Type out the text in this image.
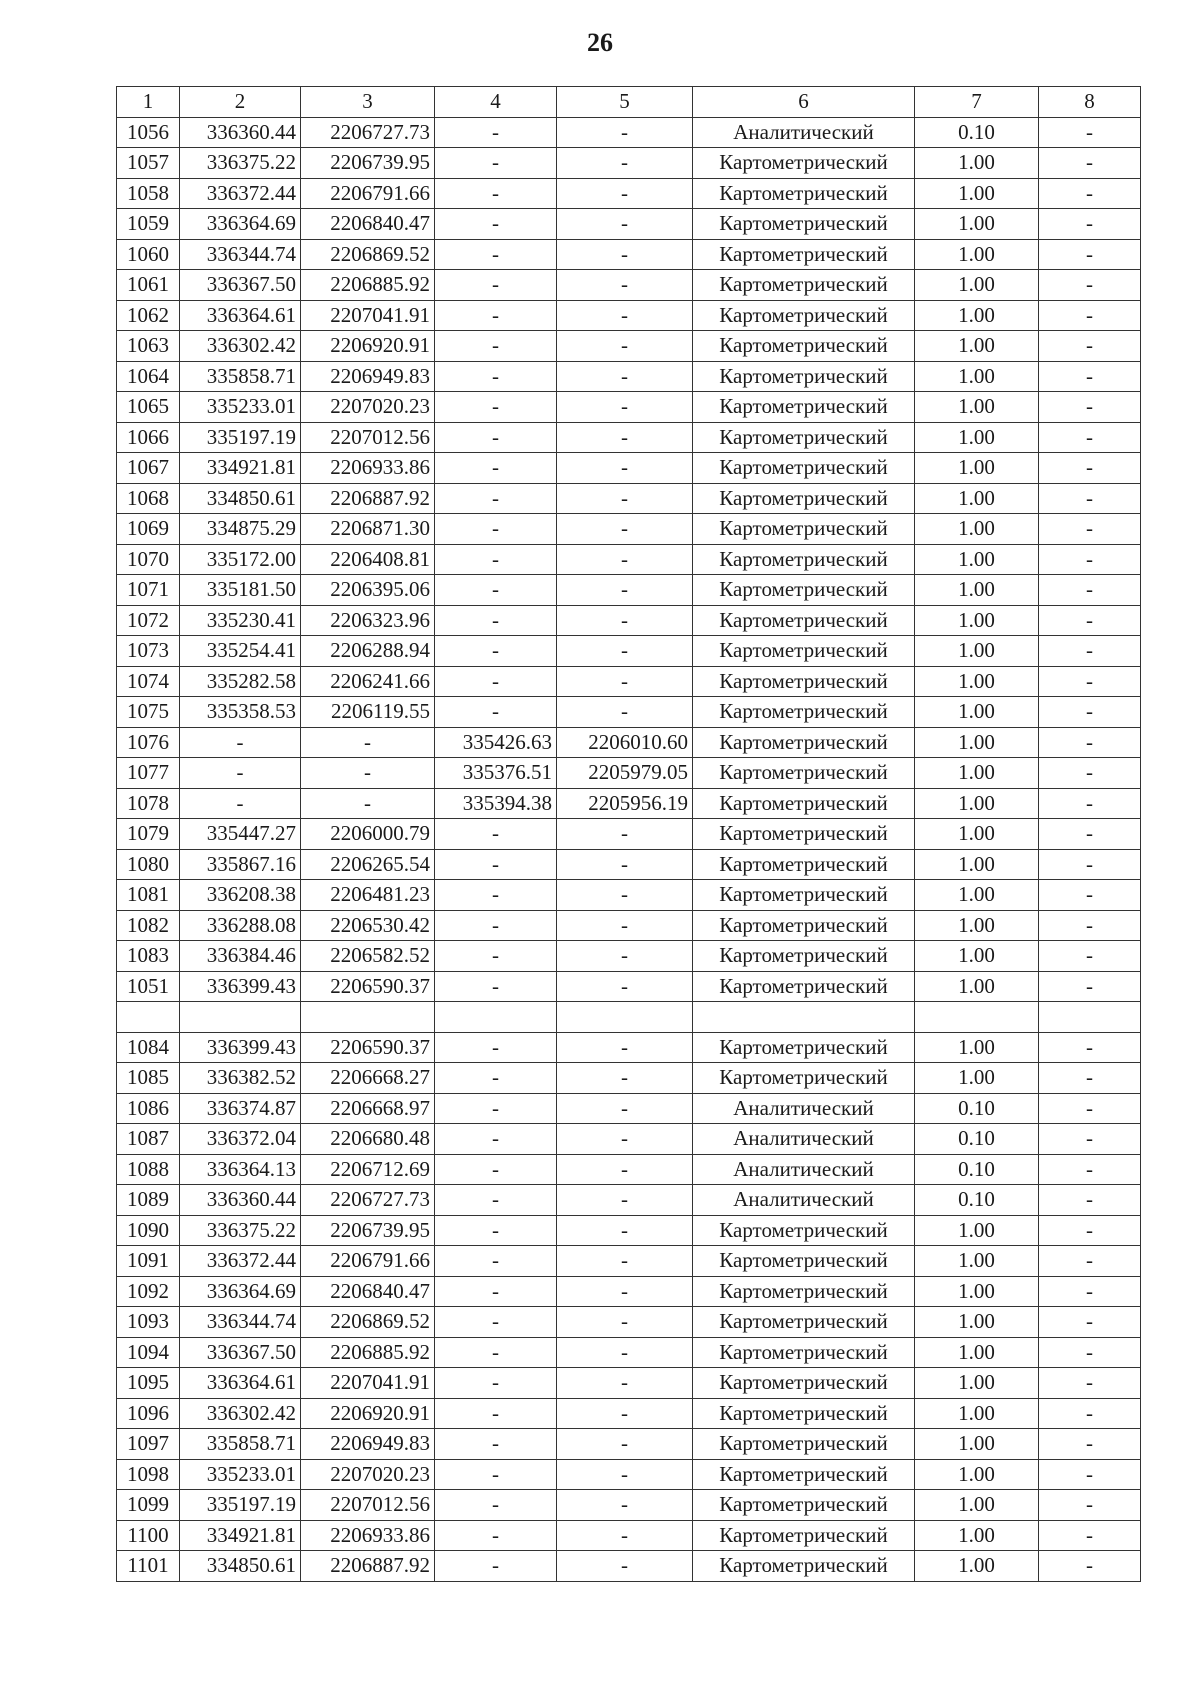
26
1	2	3	4	5	6	7	8
1056	336360.44	2206727.73	-	-	Аналитический	0.10	-
1057	336375.22	2206739.95	-	-	Картометрический	1.00	-
1058	336372.44	2206791.66	-	-	Картометрический	1.00	-
1059	336364.69	2206840.47	-	-	Картометрический	1.00	-
1060	336344.74	2206869.52	-	-	Картометрический	1.00	-
1061	336367.50	2206885.92	-	-	Картометрический	1.00	-
1062	336364.61	2207041.91	-	-	Картометрический	1.00	-
1063	336302.42	2206920.91	-	-	Картометрический	1.00	-
1064	335858.71	2206949.83	-	-	Картометрический	1.00	-
1065	335233.01	2207020.23	-	-	Картометрический	1.00	-
1066	335197.19	2207012.56	-	-	Картометрический	1.00	-
1067	334921.81	2206933.86	-	-	Картометрический	1.00	-
1068	334850.61	2206887.92	-	-	Картометрический	1.00	-
1069	334875.29	2206871.30	-	-	Картометрический	1.00	-
1070	335172.00	2206408.81	-	-	Картометрический	1.00	-
1071	335181.50	2206395.06	-	-	Картометрический	1.00	-
1072	335230.41	2206323.96	-	-	Картометрический	1.00	-
1073	335254.41	2206288.94	-	-	Картометрический	1.00	-
1074	335282.58	2206241.66	-	-	Картометрический	1.00	-
1075	335358.53	2206119.55	-	-	Картометрический	1.00	-
1076	-	-	335426.63	2206010.60	Картометрический	1.00	-
1077	-	-	335376.51	2205979.05	Картометрический	1.00	-
1078	-	-	335394.38	2205956.19	Картометрический	1.00	-
1079	335447.27	2206000.79	-	-	Картометрический	1.00	-
1080	335867.16	2206265.54	-	-	Картометрический	1.00	-
1081	336208.38	2206481.23	-	-	Картометрический	1.00	-
1082	336288.08	2206530.42	-	-	Картометрический	1.00	-
1083	336384.46	2206582.52	-	-	Картометрический	1.00	-
1051	336399.43	2206590.37	-	-	Картометрический	1.00	-

1084	336399.43	2206590.37	-	-	Картометрический	1.00	-
1085	336382.52	2206668.27	-	-	Картометрический	1.00	-
1086	336374.87	2206668.97	-	-	Аналитический	0.10	-
1087	336372.04	2206680.48	-	-	Аналитический	0.10	-
1088	336364.13	2206712.69	-	-	Аналитический	0.10	-
1089	336360.44	2206727.73	-	-	Аналитический	0.10	-
1090	336375.22	2206739.95	-	-	Картометрический	1.00	-
1091	336372.44	2206791.66	-	-	Картометрический	1.00	-
1092	336364.69	2206840.47	-	-	Картометрический	1.00	-
1093	336344.74	2206869.52	-	-	Картометрический	1.00	-
1094	336367.50	2206885.92	-	-	Картометрический	1.00	-
1095	336364.61	2207041.91	-	-	Картометрический	1.00	-
1096	336302.42	2206920.91	-	-	Картометрический	1.00	-
1097	335858.71	2206949.83	-	-	Картометрический	1.00	-
1098	335233.01	2207020.23	-	-	Картометрический	1.00	-
1099	335197.19	2207012.56	-	-	Картометрический	1.00	-
1100	334921.81	2206933.86	-	-	Картометрический	1.00	-
1101	334850.61	2206887.92	-	-	Картометрический	1.00	-
